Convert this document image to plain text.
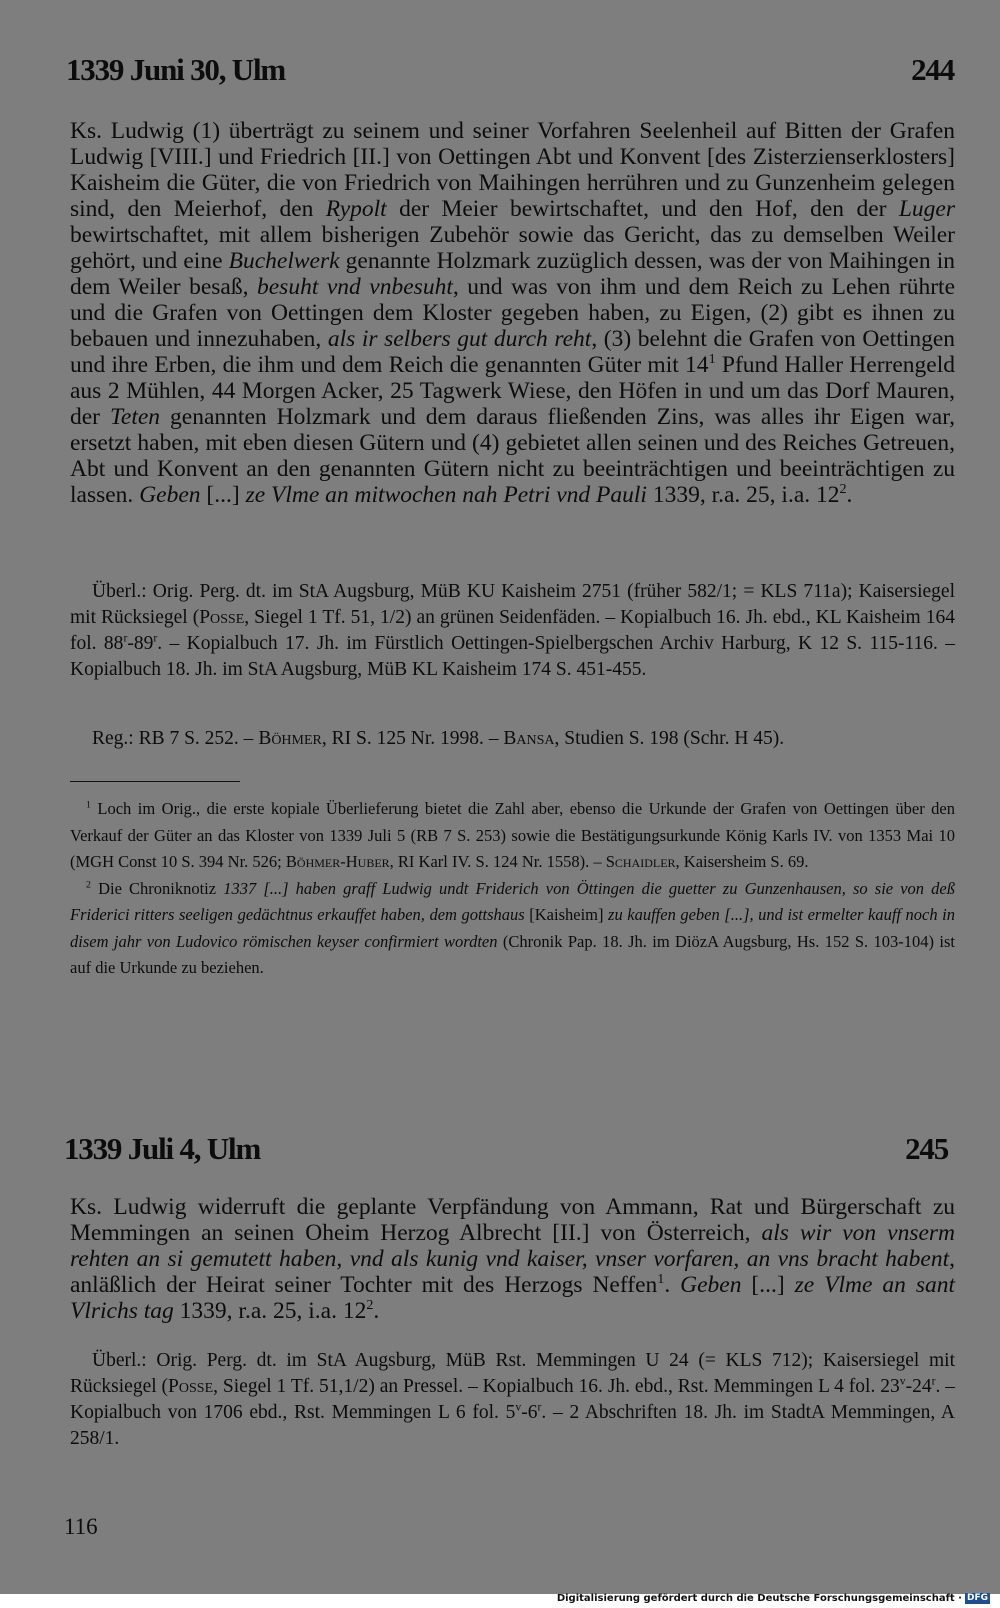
1339 Juni 30, Ulm	244

Ks. Ludwig (1) überträgt zu seinem und seiner Vorfahren Seelenheil auf Bitten der Grafen Ludwig [VIII.] und Friedrich [II.] von Oettingen Abt und Konvent [des Zisterzienserklosters] Kaisheim die Güter, die von Friedrich von Maihingen herrühren und zu Gunzenheim gelegen sind, den Meierhof, den Rypolt der Meier bewirtschaftet, und den Hof, den der Luger bewirtschaftet, mit allem bisherigen Zubehör sowie das Gericht, das zu demselben Weiler gehört, und eine Buchelwerk genannte Holzmark zuzüglich dessen, was der von Maihingen in dem Weiler besaß, besuht vnd vnbesuht, und was von ihm und dem Reich zu Lehen rührte und die Grafen von Oettingen dem Kloster gegeben haben, zu Eigen, (2) gibt es ihnen zu bebauen und innezuhaben, als ir selbers gut durch reht, (3) belehnt die Grafen von Oettingen und ihre Erben, die ihm und dem Reich die genannten Güter mit $14^1$ Pfund Haller Herrengeld aus 2 Mühlen, 44 Morgen Acker, 25 Tagwerk Wiese, den Höfen in und um das Dorf Mauren, der Teten genannten Holzmark und dem daraus fließenden Zins, was alles ihr Eigen war, ersetzt haben, mit eben diesen Gütern und (4) gebietet allen seinen und des Reiches Getreuen, Abt und Konvent an den genannten Gütern nicht zu beeinträchtigen und beeinträchtigen zu lassen. Geben [...] ze Vlme an mitwochen nah Petri vnd Pauli 1339, r.a. 25, i.a. $12^2$.

Überl.: Orig. Perg. dt. im StA Augsburg, MüB KU Kaisheim 2751 (früher 582/1; = KLS 711a); Kaisersiegel mit Rücksiegel (Posse, Siegel 1 Tf. 51, 1/2) an grünen Seidenfäden. – Kopialbuch 16. Jh. ebd., KL Kaisheim 164 fol. 88$^r$-89$^r$. – Kopialbuch 17. Jh. im Fürstlich Oettingen-Spielbergschen Archiv Harburg, K 12 S. 115-116. – Kopialbuch 18. Jh. im StA Augsburg, MüB KL Kaisheim 174 S. 451-455.

Reg.: RB 7 S. 252. – Böhmer, RI S. 125 Nr. 1998. – Bansa, Studien S. 198 (Schr. H 45).

$^1$ Loch im Orig., die erste kopiale Überlieferung bietet die Zahl aber, ebenso die Urkunde der Grafen von Oettingen über den Verkauf der Güter an das Kloster von 1339 Juli 5 (RB 7 S. 253) sowie die Bestätigungsurkunde König Karls IV. von 1353 Mai 10 (MGH Const 10 S. 394 Nr. 526; Böhmer-Huber, RI Karl IV. S. 124 Nr. 1558). – Schaidler, Kaisersheim S. 69.

$^2$ Die Chroniknotiz 1337 [...] haben graff Ludwig undt Friderich von Öttingen die guetter zu Gunzenhausen, so sie von deß Friderici ritters seeligen gedächtnus erkauffet haben, dem gottshaus [Kaisheim] zu kauffen geben [...], und ist ermelter kauff noch in disem jahr von Ludovico römischen keyser confirmiert wordten (Chronik Pap. 18. Jh. im DiözA Augsburg, Hs. 152 S. 103-104) ist auf die Urkunde zu beziehen.

1339 Juli 4, Ulm	245

Ks. Ludwig widerruft die geplante Verpfändung von Ammann, Rat und Bürgerschaft zu Memmingen an seinen Oheim Herzog Albrecht [II.] von Österreich, als wir von vnserm rehten an si gemutett haben, vnd als kunig vnd kaiser, vnser vorfaren, an vns bracht habent, anläßlich der Heirat seiner Tochter mit des Herzogs Neffen$^1$. Geben [...] ze Vlme an sant Vlrichs tag 1339, r.a. 25, i.a. $12^2$.

Überl.: Orig. Perg. dt. im StA Augsburg, MüB Rst. Memmingen U 24 (= KLS 712); Kaisersiegel mit Rücksiegel (Posse, Siegel 1 Tf. 51,1/2) an Pressel. – Kopialbuch 16. Jh. ebd., Rst. Memmingen L 4 fol. 23$^v$-24$^r$. – Kopialbuch von 1706 ebd., Rst. Memmingen L 6 fol. 5$^v$-6$^r$. – 2 Abschriften 18. Jh. im StadtA Memmingen, A 258/1.

116
Digitalisierung gefördert durch die Deutsche Forschungsgemeinschaft · DFG
